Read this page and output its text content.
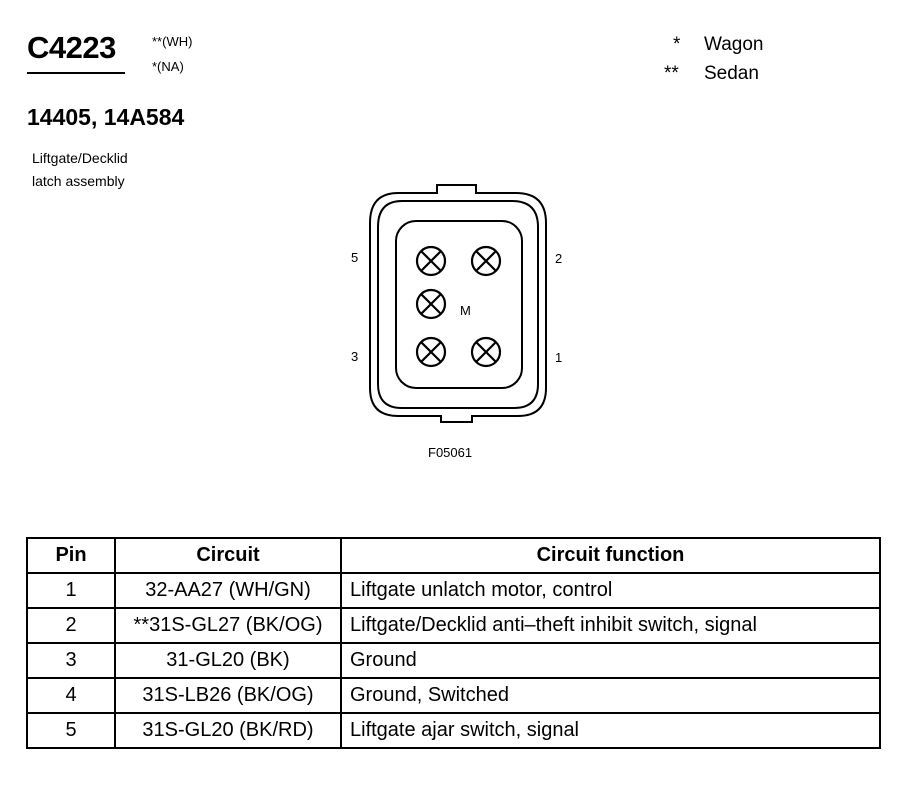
C4223	**(WH)
*(NA)
* Wagon
** Sedan
14405, 14A584
Liftgate/Decklid
latch assembly
5	2
3	1
M
F05061
Pin	Circuit	Circuit function
1	32-AA27 (WH/GN)	Liftgate unlatch motor, control
2	**31S-GL27 (BK/OG)	Liftgate/Decklid anti–theft inhibit switch, signal
3	31-GL20 (BK)	Ground
4	31S-LB26 (BK/OG)	Ground, Switched
5	31S-GL20 (BK/RD)	Liftgate ajar switch, signal
